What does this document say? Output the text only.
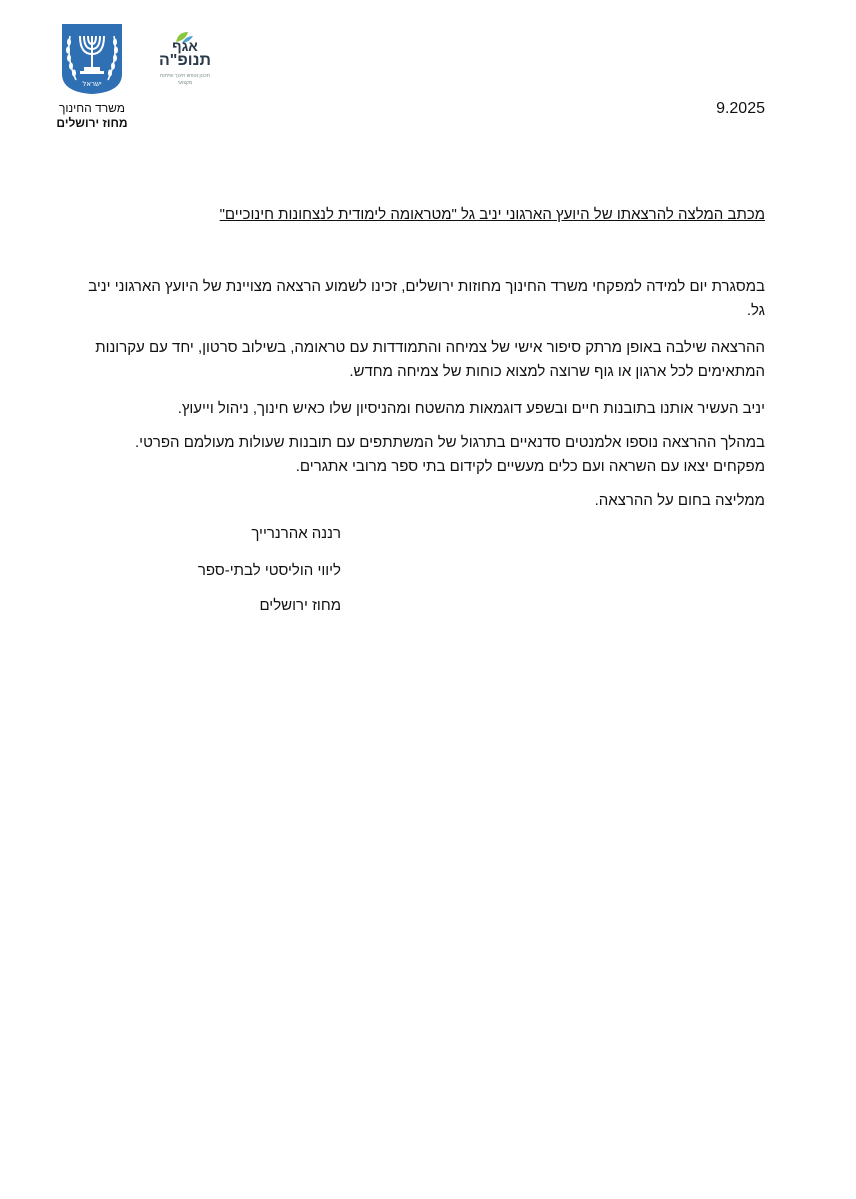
ישראל
משרד החינוך
מחוז ירושלים
אגף
תנופ"ה
תכנון ונופש חינוך ופיתוח מקצועי
9.2025
מכתב המלצה להרצאתו של היועץ הארגוני יניב גל "מטראומה לימודית לנצחונות חינוכיים"
במסגרת יום למידה למפקחי משרד החינוך מחוזות ירושלים, זכינו לשמוע הרצאה מצויינת של היועץ הארגוני יניב גל.
ההרצאה שילבה באופן מרתק סיפור אישי של צמיחה והתמודדות עם טראומה, בשילוב סרטון, יחד עם עקרונות המתאימים לכל ארגון או גוף שרוצה למצוא כוחות של צמיחה מחדש.
יניב העשיר אותנו בתובנות חיים ובשפע דוגמאות מהשטח ומהניסיון שלו כאיש חינוך, ניהול וייעוץ.
במהלך ההרצאה נוספו אלמנטים סדנאיים בתרגול של המשתתפים עם תובנות שעולות מעולמם הפרטי. מפקחים יצאו עם השראה ועם כלים מעשיים לקידום בתי ספר מרובי אתגרים.
ממליצה בחום על ההרצאה.
רננה אהרנרייך
ליווי הוליסטי לבתי-ספר
מחוז ירושלים
